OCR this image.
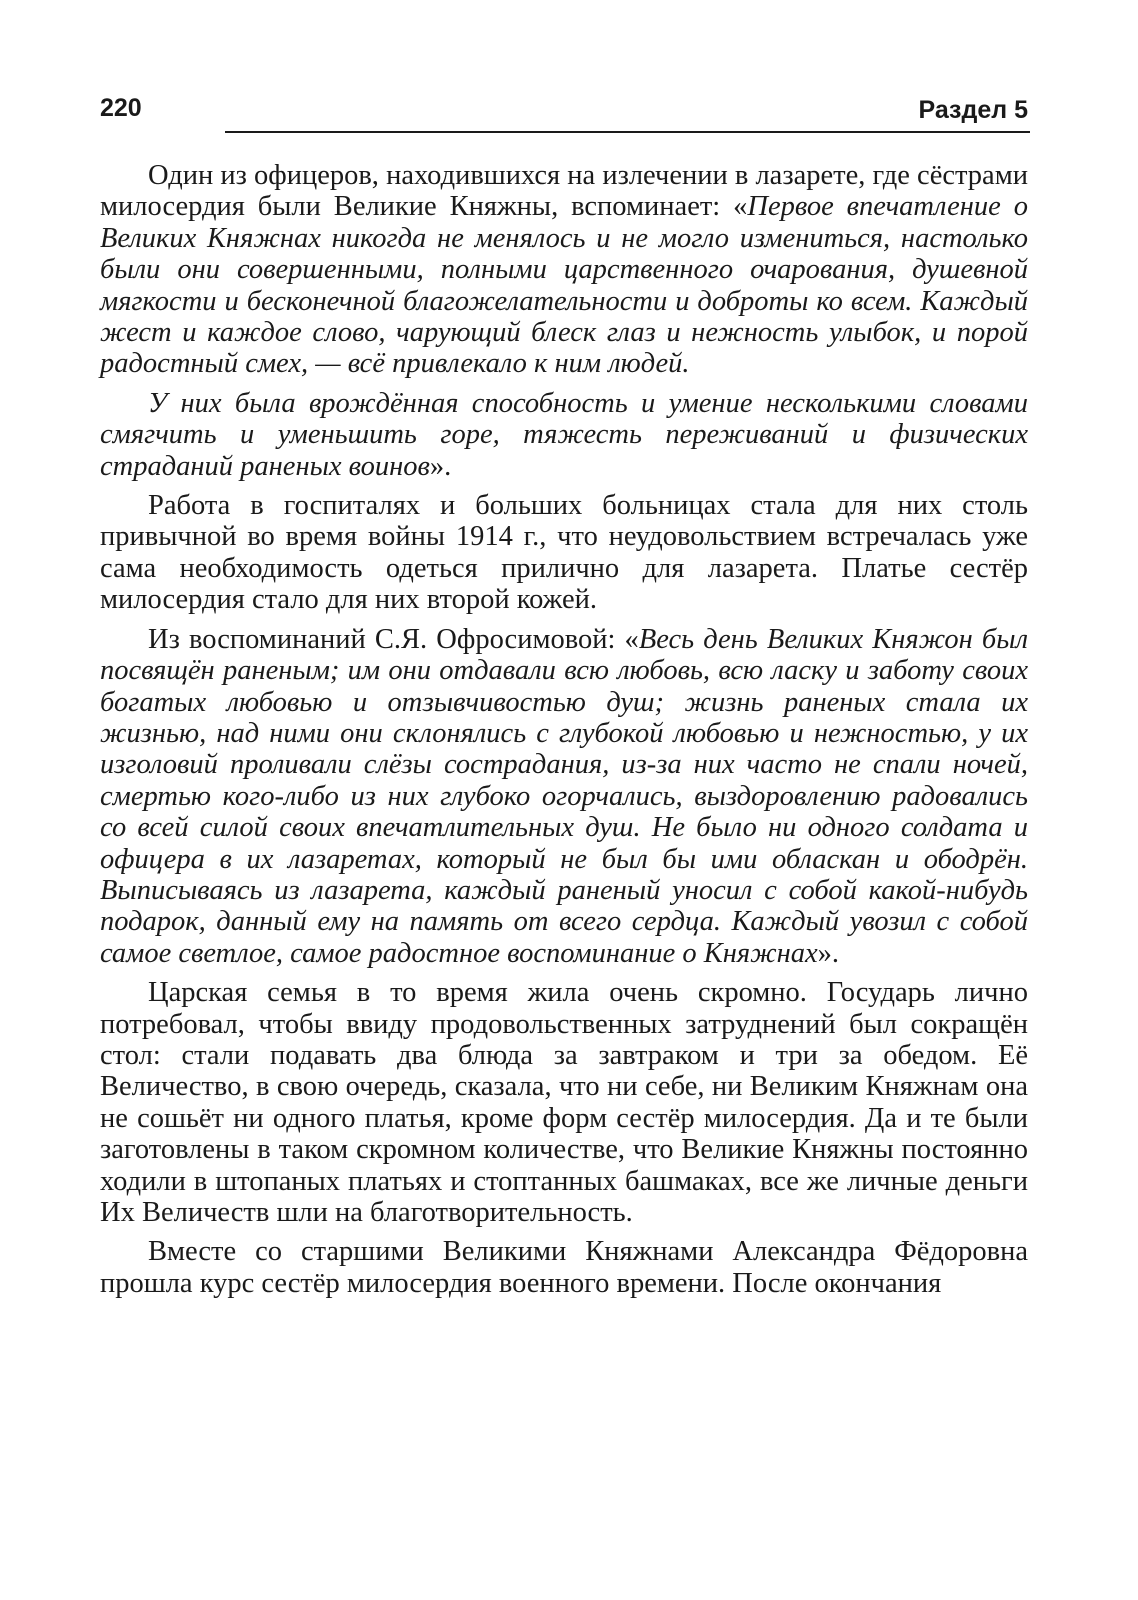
220	Раздел 5

Один из офицеров, находившихся на излечении в лазарете, где сёстрами милосердия были Великие Княжны, вспоминает: «Первое впечатление о Великих Княжнах никогда не менялось и не могло измениться, настолько были они совершенными, полными царственного очарования, душевной мягкости и бесконечной благожелательности и доброты ко всем. Каждый жест и каждое слово, чарующий блеск глаз и нежность улыбок, и порой радостный смех, — всё привлекало к ним людей.

У них была врождённая способность и умение несколькими словами смягчить и уменьшить горе, тяжесть переживаний и физических страданий раненых воинов».

Работа в госпиталях и больших больницах стала для них столь привычной во время войны 1914 г., что неудовольствием встречалась уже сама необходимость одеться прилично для лазарета. Платье сестёр милосердия стало для них второй кожей.

Из воспоминаний С.Я. Офросимовой: «Весь день Великих Княжон был посвящён раненым; им они отдавали всю любовь, всю ласку и заботу своих богатых любовью и отзывчивостью душ; жизнь раненых стала их жизнью, над ними они склонялись с глубокой любовью и нежностью, у их изголовий проливали слёзы сострадания, из-за них часто не спали ночей, смертью кого-либо из них глубоко огорчались, выздоровлению радовались со всей силой своих впечатлительных душ. Не было ни одного солдата и офицера в их лазаретах, который не был бы ими обласкан и ободрён. Выписываясь из лазарета, каждый раненый уносил с собой какой-нибудь подарок, данный ему на память от всего сердца. Каждый увозил с собой самое светлое, самое радостное воспоминание о Княжнах».

Царская семья в то время жила очень скромно. Государь лично потребовал, чтобы ввиду продовольственных затруднений был сокращён стол: стали подавать два блюда за завтраком и три за обедом. Её Величество, в свою очередь, сказала, что ни себе, ни Великим Княжнам она не сошьёт ни одного платья, кроме форм сестёр милосердия. Да и те были заготовлены в таком скромном количестве, что Великие Княжны постоянно ходили в штопаных платьях и стоптанных башмаках, все же личные деньги Их Величеств шли на благотворительность.

Вместе со старшими Великими Княжнами Александра Фёдоровна прошла курс сестёр милосердия военного времени. После окончания
